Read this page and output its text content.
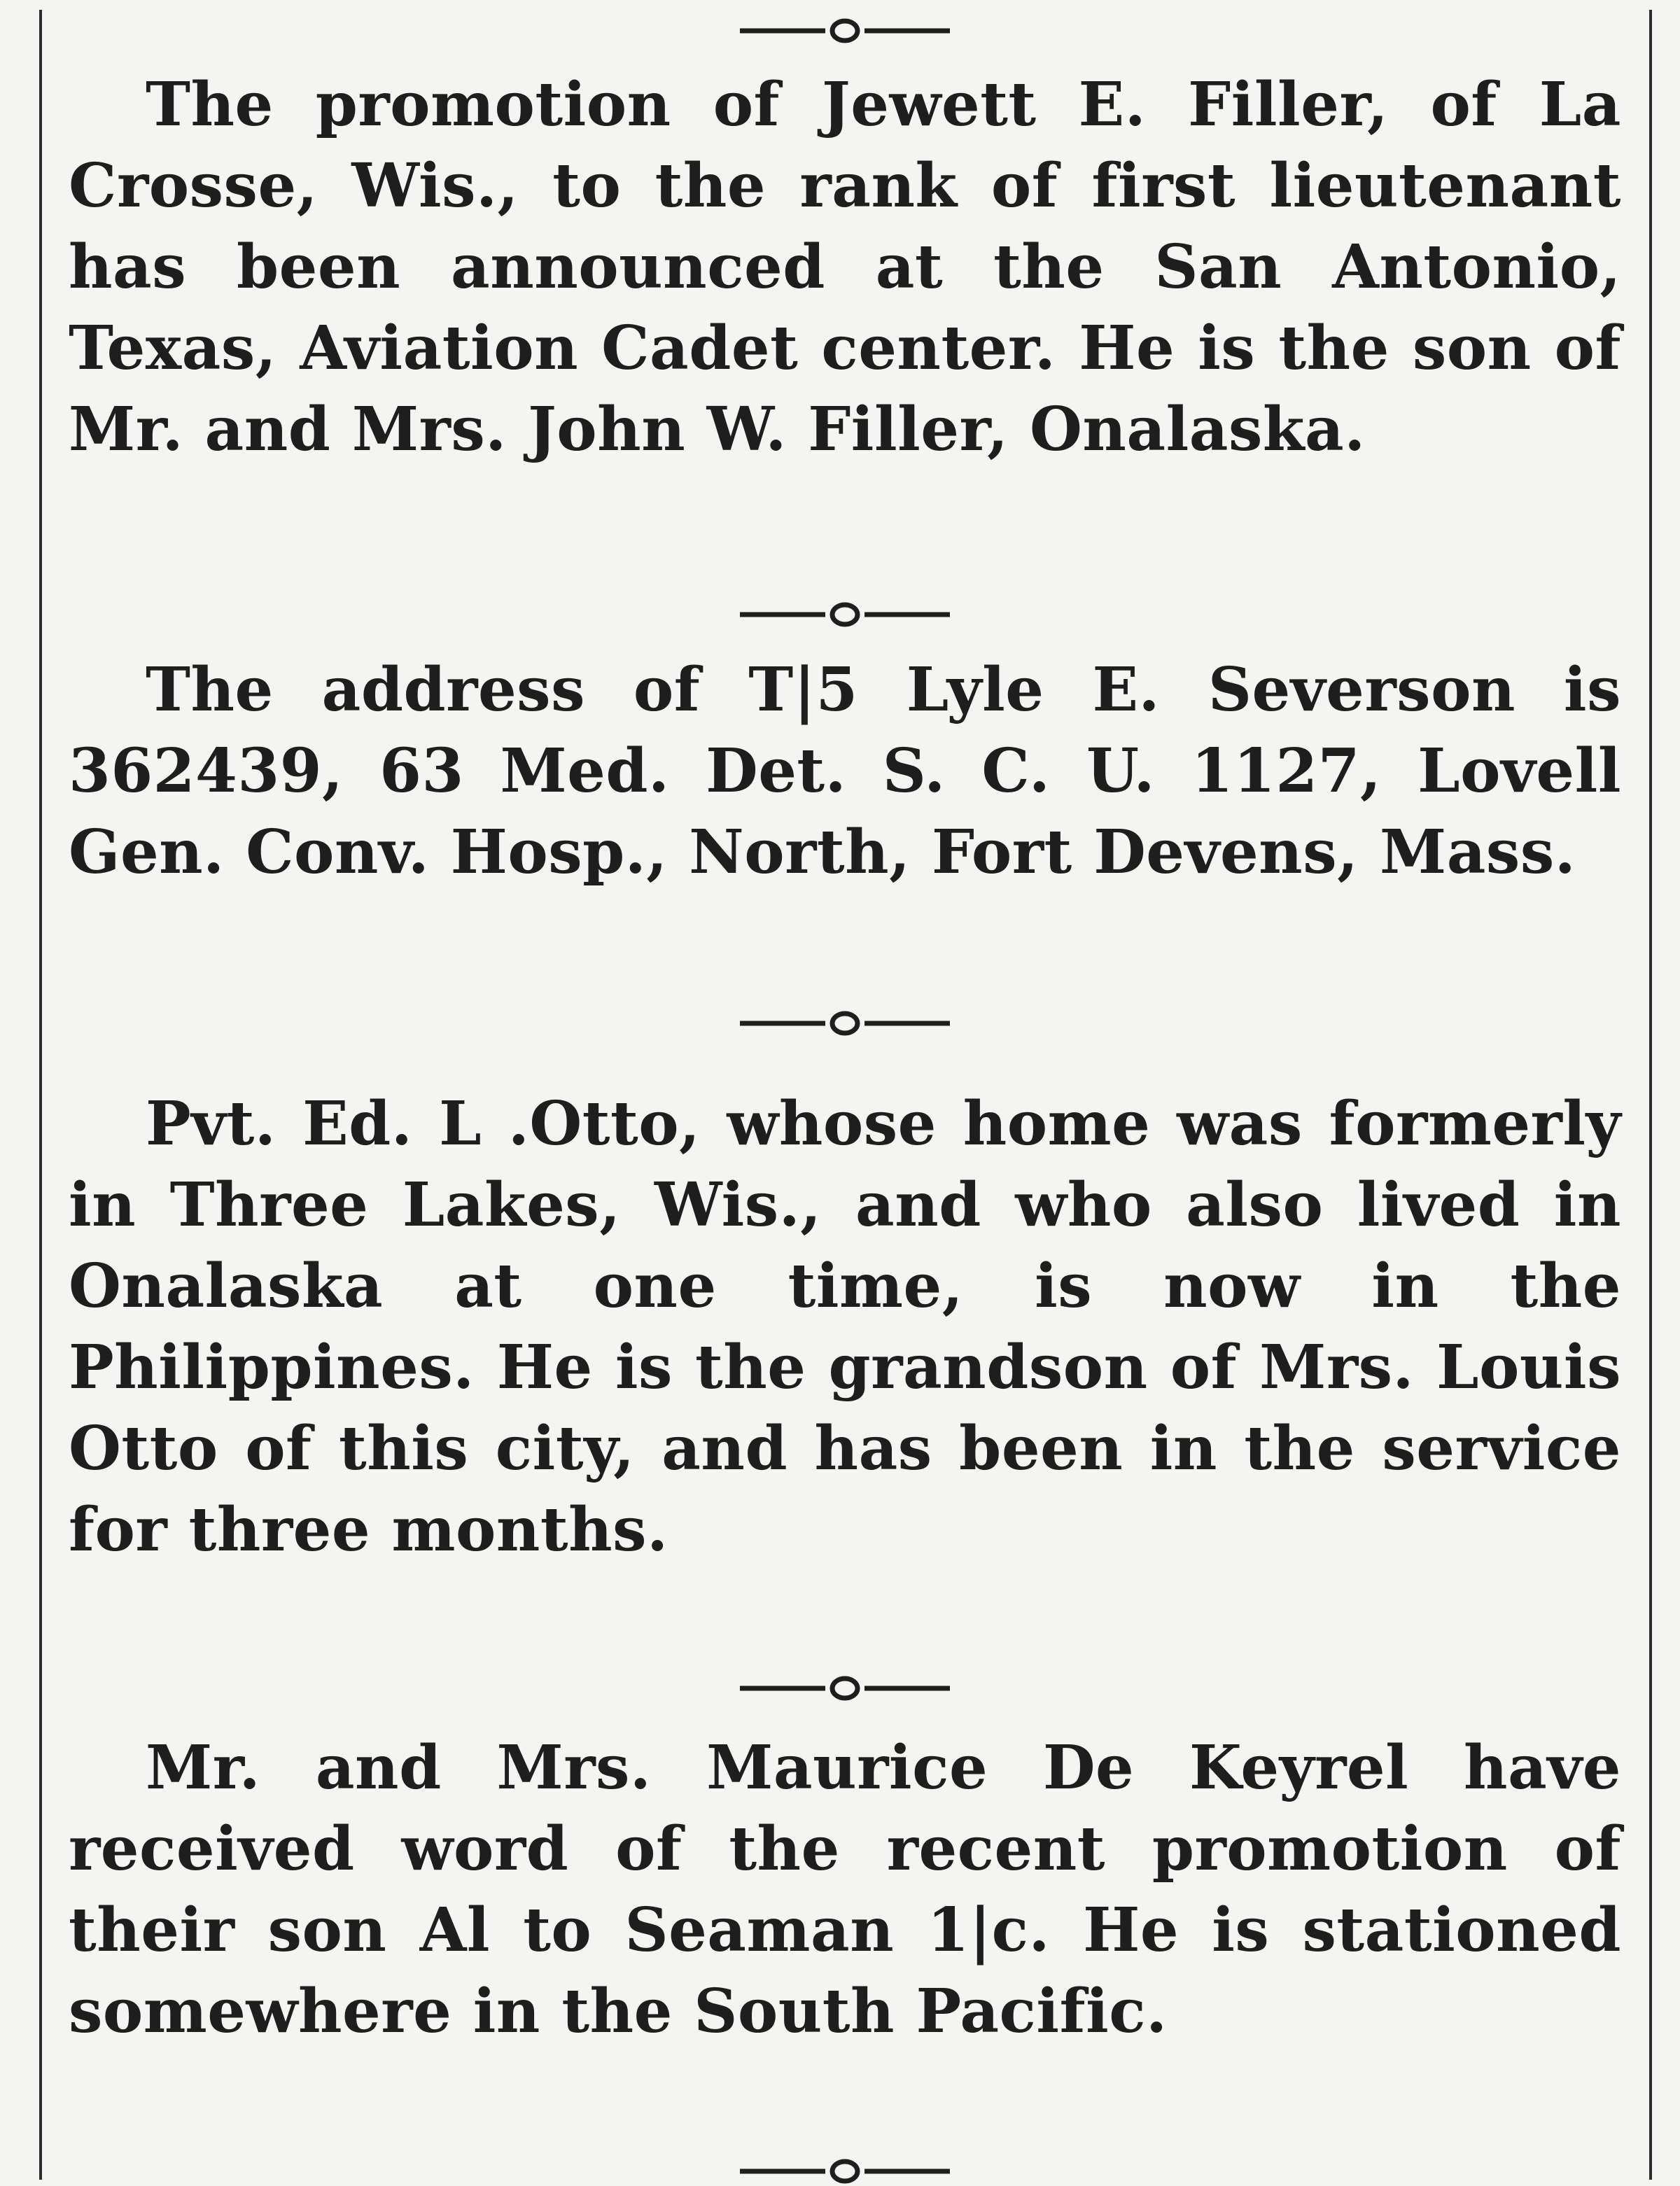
The promotion of Jewett E. Filler, of La Crosse, Wis., to the rank of first lieutenant has been announced at the San Antonio, Texas, Aviation Cadet center. He is the son of Mr. and Mrs. John W. Filler, Onalaska.

The address of T|5 Lyle E. Severson is 362439, 63 Med. Det. S. C. U. 1127, Lovell Gen. Conv. Hosp., North, Fort Devens, Mass.

Pvt. Ed. L .Otto, whose home was formerly in Three Lakes, Wis., and who also lived in Onalaska at one time, is now in the Philippines. He is the grandson of Mrs. Louis Otto of this city, and has been in the service for three months.

Mr. and Mrs. Maurice De Keyrel have received word of the recent promotion of their son Al to Seaman 1|c. He is stationed somewhere in the South Pacific.
